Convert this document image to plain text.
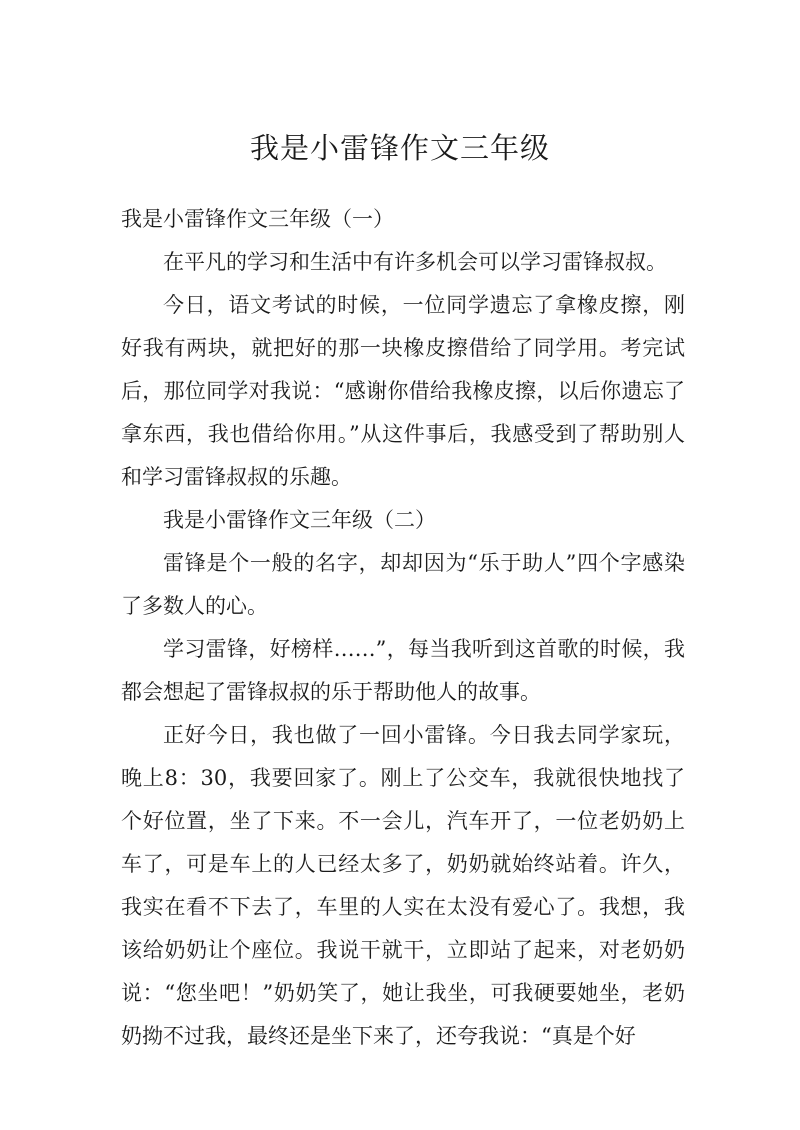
我是小雷锋作文三年级

我是小雷锋作文三年级（一）

在平凡的学习和生活中有许多机会可以学习雷锋叔叔。

今日，语文考试的时候，一位同学遗忘了拿橡皮擦，刚好我有两块，就把好的那一块橡皮擦借给了同学用。考完试后，那位同学对我说：“感谢你借给我橡皮擦，以后你遗忘了拿东西，我也借给你用。”从这件事后，我感受到了帮助别人和学习雷锋叔叔的乐趣。

我是小雷锋作文三年级（二）

雷锋是个一般的名字，却却因为“乐于助人”四个字感染了多数人的心。

学习雷锋，好榜样……”，每当我听到这首歌的时候，我都会想起了雷锋叔叔的乐于帮助他人的故事。

正好今日，我也做了一回小雷锋。今日我去同学家玩，晚上8：30，我要回家了。刚上了公交车，我就很快地找了个好位置，坐了下来。不一会儿，汽车开了，一位老奶奶上车了，可是车上的人已经太多了，奶奶就始终站着。许久，我实在看不下去了，车里的人实在太没有爱心了。我想，我该给奶奶让个座位。我说干就干，立即站了起来，对老奶奶说：“您坐吧！”奶奶笑了，她让我坐，可我硬要她坐，老奶奶拗不过我，最终还是坐下来了，还夸我说：“真是个好
